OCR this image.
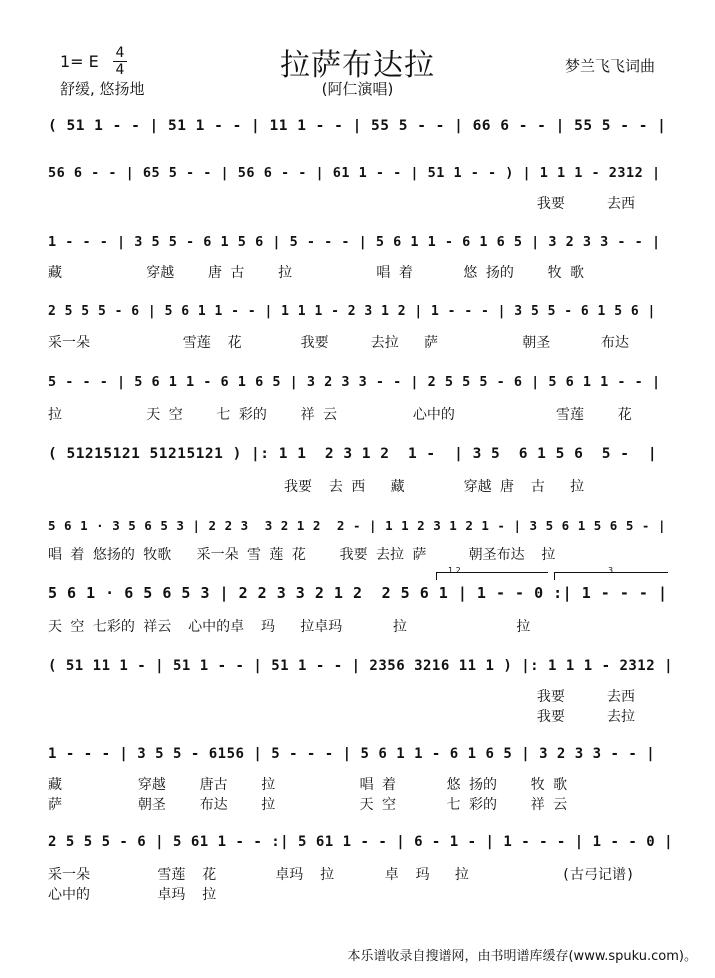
拉萨布达拉
(阿仁演唱)
1= E 4
4
舒缓, 悠扬地
梦兰飞飞词曲
( 51 1 - - | 51 1 - - | 11 1 - - | 55 5 - - | 66 6 - - | 55 5 - - |
56 6 - - | 65 5 - - | 56 6 - - | 61 1 - - | 51 1 - - ) | 1 1 1 - 2312 |
我要     去西
1 - - - | 3 5 5 - 6 1 5 6 | 5 - - - | 5 6 1 1 - 6 1 6 5 | 3 2 3 3 - - |
藏          穿越    唐 古    拉          唱 着      悠 扬的    牧 歌
2 5 5 5 - 6 | 5 6 1 1 - - | 1 1 1 - 2 3 1 2 | 1 - - - | 3 5 5 - 6 1 5 6 |
采一朵           雪莲  花       我要     去拉   萨          朝圣      布达
5 - - - | 5 6 1 1 - 6 1 6 5 | 3 2 3 3 - - | 2 5 5 5 - 6 | 5 6 1 1 - - |
拉          天 空    七 彩的    祥 云         心中的            雪莲    花
( 51215121 51215121 ) |: 1 1  2 3 1 2  1 -  | 3 5  6 1 5 6  5 -  |
我要  去 西   藏       穿越 唐  古   拉
5 6 1 · 3 5 6 5 3 | 2 2 3  3 2 1 2  2 - | 1 1 2 3 1 2 1 - | 3 5 6 1 5 6 5 - |
唱 着 悠扬的 牧歌   采一朵 雪 莲 花    我要 去拉 萨     朝圣布达  拉
1.2.	3.
5 6 1 · 6 5 6 5 3 | 2 2 3 3 2 1 2  2 5 6 1 | 1 - - 0 :| 1 - - - |
天 空 七彩的 祥云  心中的卓  玛   拉卓玛      拉             拉
( 51 11 1 - | 51 1 - - | 51 1 - - | 2356 3216 11 1 ) |: 1 1 1 - 2312 |
我要     去西
我要     去拉
1 - - - | 3 5 5 - 6156 | 5 - - - | 5 6 1 1 - 6 1 6 5 | 3 2 3 3 - - |
藏         穿越    唐古    拉          唱 着      悠 扬的    牧 歌
萨         朝圣    布达    拉          天 空      七 彩的    祥 云
2 5 5 5 - 6 | 5 61 1 - - :| 5 61 1 - - | 6 - 1 - | 1 - - - | 1 - - 0 |
采一朵        雪莲  花       卓玛  拉      卓  玛   拉           (古弓记谱)
心中的        卓玛  拉
本乐谱收录自搜谱网，由书明谱库缓存(www.spuku.com)。
